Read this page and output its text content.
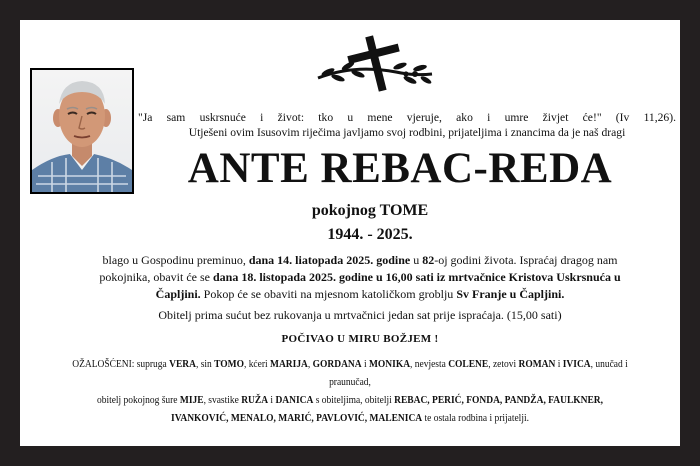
"Ja sam uskrsnuće i život: tko u mene vjeruje, ako i umre živjet će!" (Iv 11,26).
Utješeni ovim Isusovim riječima javljamo svoj rodbini, prijateljima i znancima da je naš dragi
ANTE REBAC-REDA
pokojnog TOME
1944. - 2025.
blago u Gospodinu preminuo, dana 14. liatopada 2025. godine u 82-oj godini života. Ispraćaj dragog nam pokojnika, obavit će se dana 18. listopada 2025. godine u 16,00 sati iz mrtvačnice Kristova Uskrsnuća u Čapljini. Pokop će se obaviti na mjesnom katoličkom groblju Sv Franje u Čapljini.
Obitelj prima sućut bez rukovanja u mrtvačnici jedan sat prije ispraćaja. (15,00 sati)
POČIVAO U MIRU BOŽJEM !
OŽALOŠĆENI: supruga VERA, sin TOMO, kćeri MARIJA, GORDANA i MONIKA, nevjesta COLENE, zetovi ROMAN i IVICA, unučad i praunučad,
obitelj pokojnog šure MIJE, svastike RUŽA i DANICA s obiteljima, obitelji REBAC, PERIĆ, FONDA, PANDŽA, FAULKNER,
IVANKOVIĆ, MENALO, MARIĆ, PAVLOVIĆ, MALENICA te ostala rodbina i prijatelji.
